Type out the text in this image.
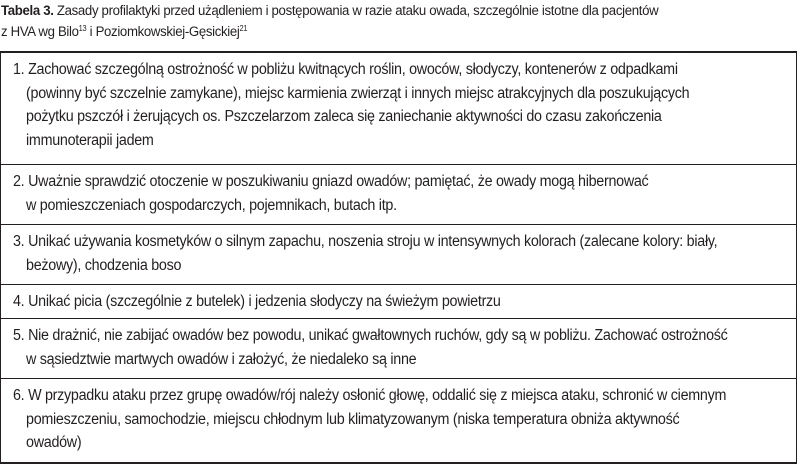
Tabela 3. Zasady profilaktyki przed użądleniem i postępowania w razie ataku owada, szczególnie istotne dla pacjentów
z HVA wg Bilo$^{13}$ i Poziomkowskiej-Gęsickiej$^{21}$
1. Zachować szczególną ostrożność w pobliżu kwitnących roślin, owoców, słodyczy, kontenerów z odpadkami
(powinny być szczelnie zamykane), miejsc karmienia zwierząt i innych miejsc atrakcyjnych dla poszukujących
pożytku pszczół i żerujących os. Pszczelarzom zaleca się zaniechanie aktywności do czasu zakończenia
immunoterapii jadem
2. Uważnie sprawdzić otoczenie w poszukiwaniu gniazd owadów; pamiętać, że owady mogą hibernować
w pomieszczeniach gospodarczych, pojemnikach, butach itp.
3. Unikać używania kosmetyków o silnym zapachu, noszenia stroju w intensywnych kolorach (zalecane kolory: biały,
beżowy), chodzenia boso
4. Unikać picia (szczególnie z butelek) i jedzenia słodyczy na świeżym powietrzu
5. Nie drażnić, nie zabijać owadów bez powodu, unikać gwałtownych ruchów, gdy są w pobliżu. Zachować ostrożność
w sąsiedztwie martwych owadów i założyć, że niedaleko są inne
6. W przypadku ataku przez grupę owadów/rój należy osłonić głowę, oddalić się z miejsca ataku, schronić w ciemnym
pomieszczeniu, samochodzie, miejscu chłodnym lub klimatyzowanym (niska temperatura obniża aktywność
owadów)
